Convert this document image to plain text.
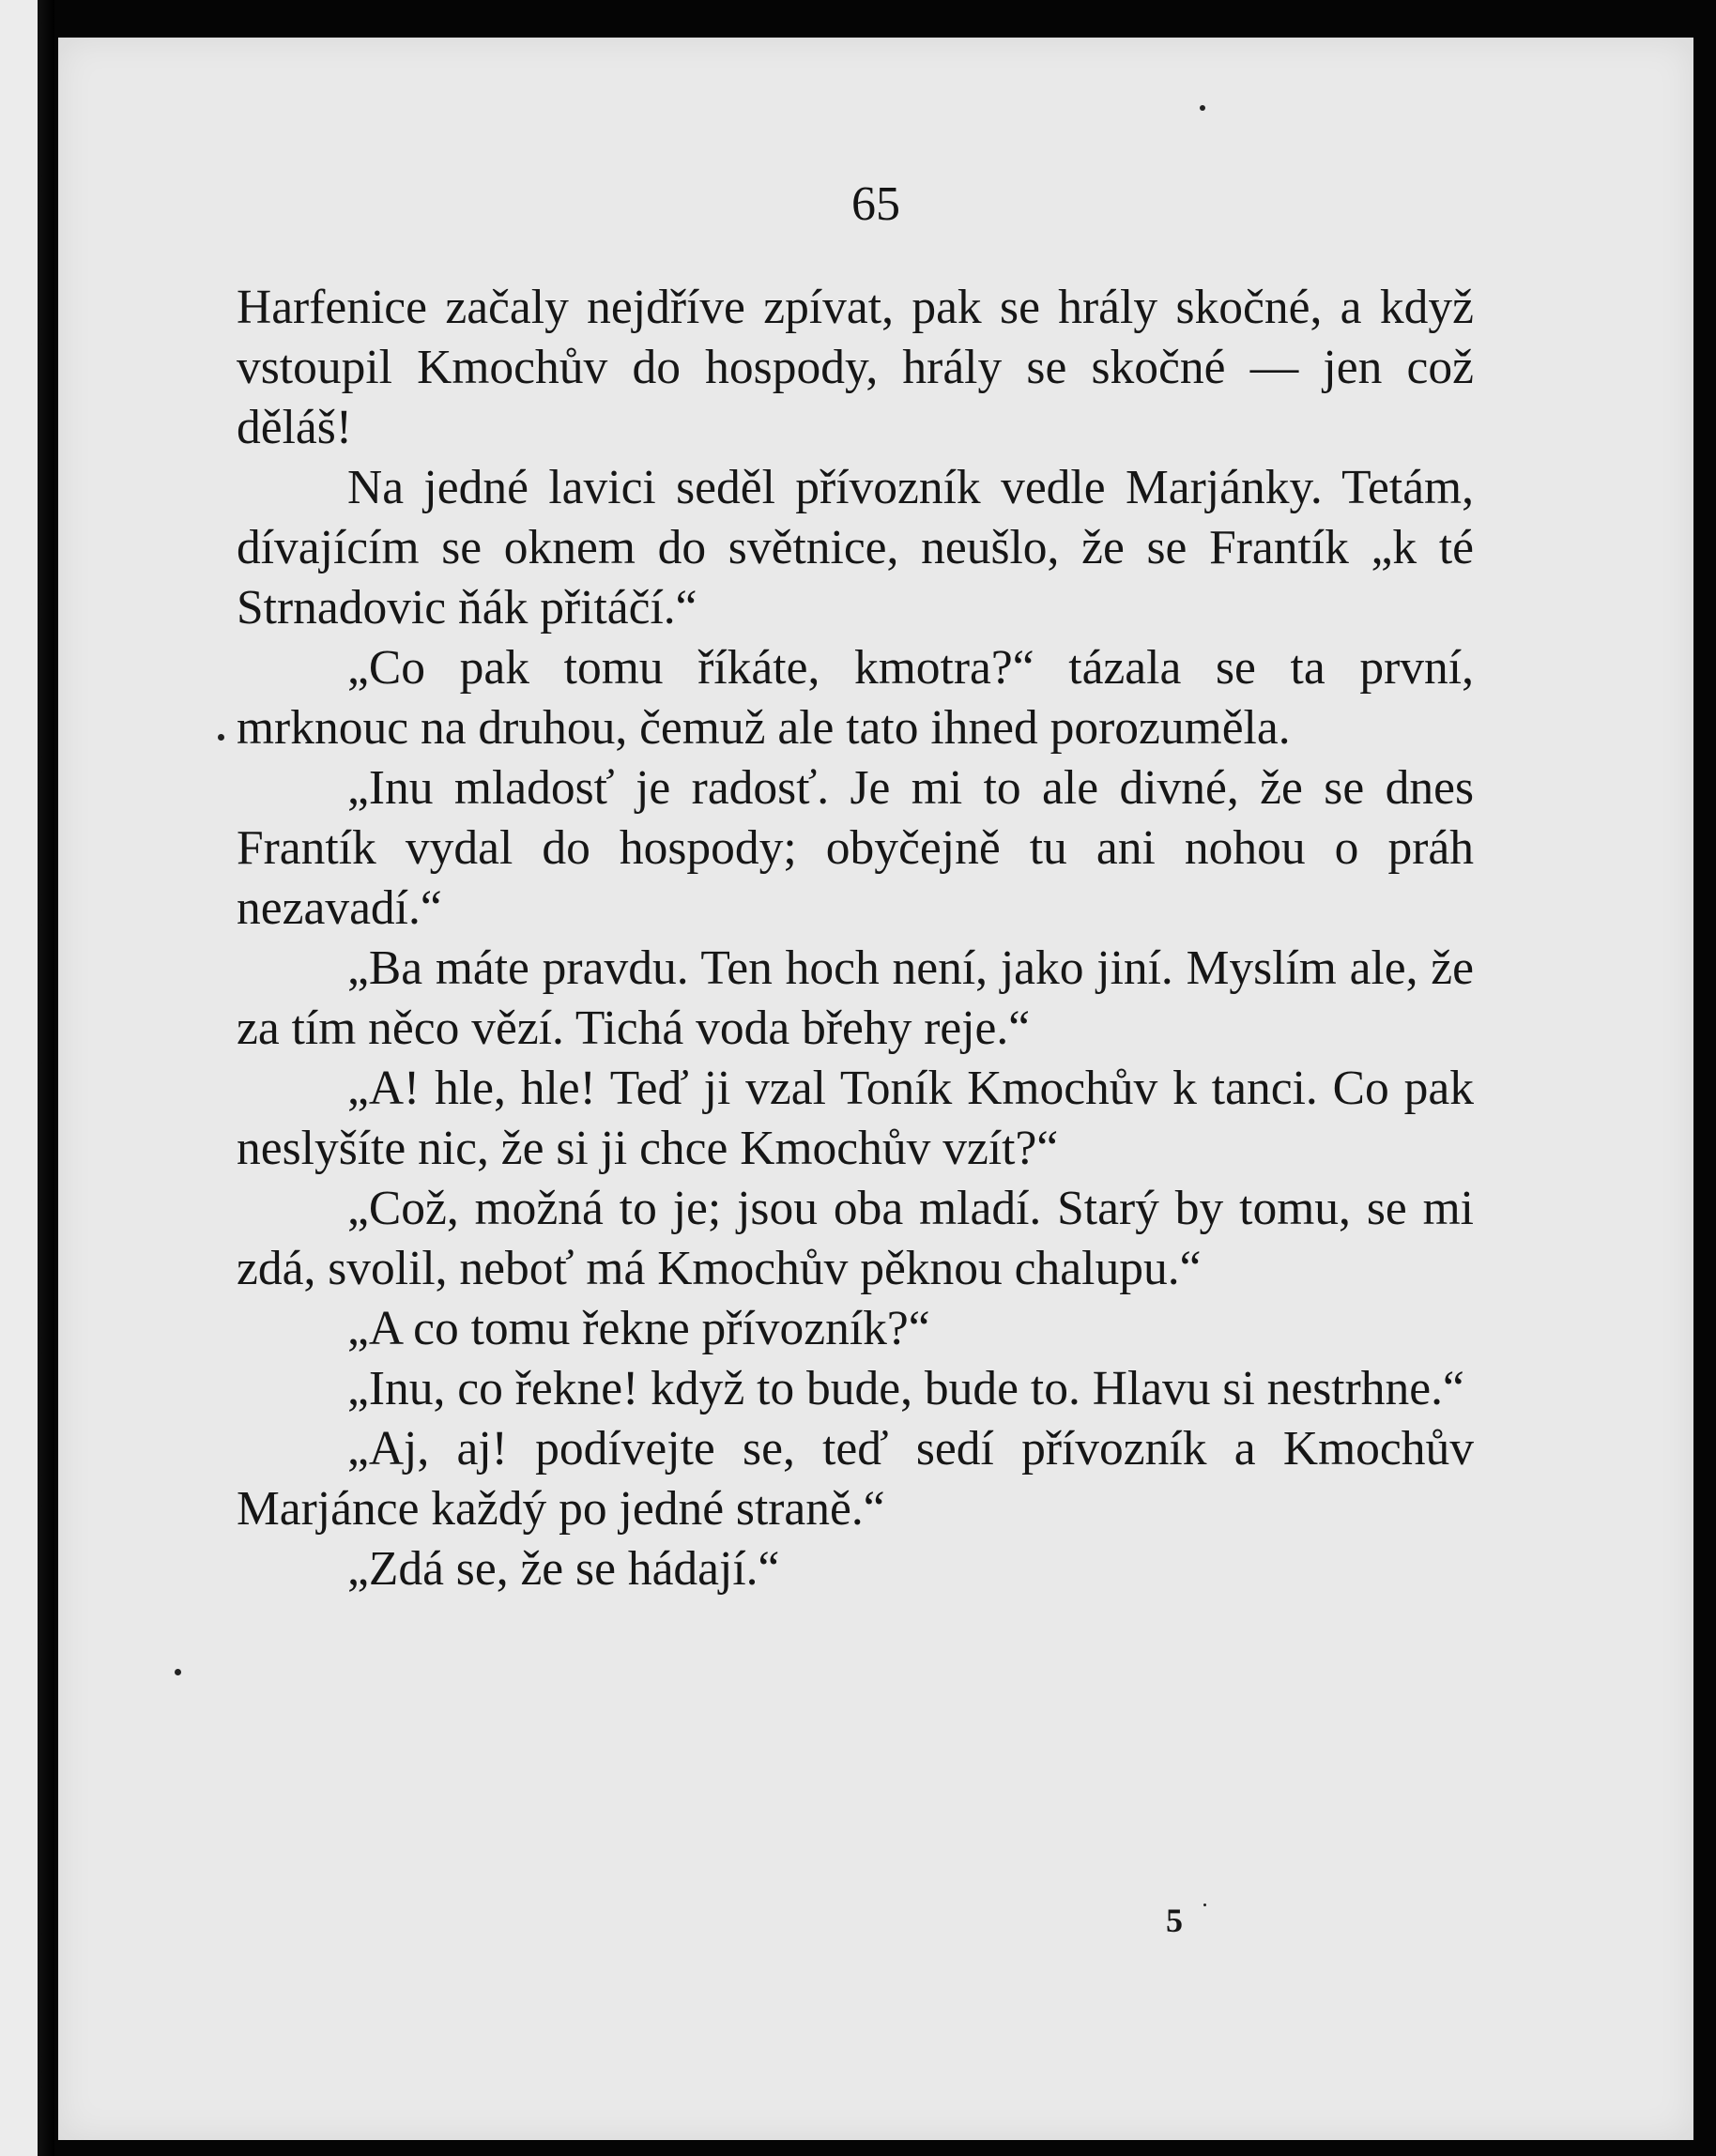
65

Harfenice začaly nejdříve zpívat, pak se hrály skočné, a když vstoupil Kmochův do hospody, hrály se skočné — jen což děláš!

Na jedné lavici seděl přívozník vedle Marjánky. Tetám, dívajícím se oknem do světnice, neušlo, že se Frantík „k té Strnadovic ňák přitáčí.“

„Co pak tomu říkáte, kmotra?“ tázala se ta první, mrknouc na druhou, čemuž ale tato ihned porozuměla.

„Inu mladosť je radosť. Je mi to ale divné, že se dnes Frantík vydal do hospody; obyčejně tu ani nohou o práh nezavadí.“

„Ba máte pravdu. Ten hoch není, jako jiní. Myslím ale, že za tím něco vězí. Tichá voda břehy reje.“

„A! hle, hle! Teď ji vzal Toník Kmochův k tanci. Co pak neslyšíte nic, že si ji chce Kmochův vzít?“

„Což, možná to je; jsou oba mladí. Starý by tomu, se mi zdá, svolil, neboť má Kmochův pěknou chalupu.“

„A co tomu řekne přívozník?“

„Inu, co řekne! když to bude, bude to. Hlavu si nestrhne.“

„Aj, aj! podívejte se, teď sedí přívozník a Kmochův Marjánce každý po jedné straně.“

„Zdá se, že se hádají.“

5
